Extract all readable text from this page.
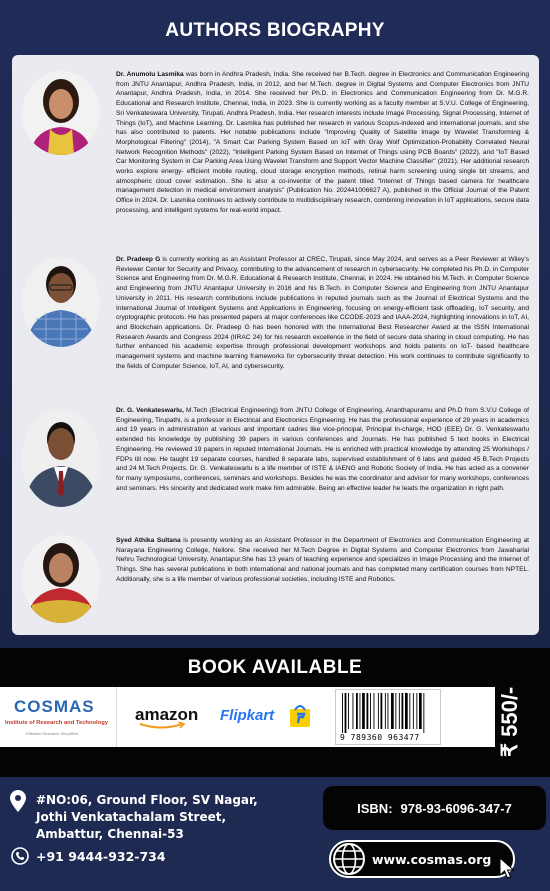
AUTHORS BIOGRAPHY

Dr. Anumolu Lasmika was born in Andhra Pradesh, India. She received her B.Tech. degree in Electronics and Communication Engineering from JNTU Anantapur, Andhra Pradesh, India, in 2012, and her M.Tech. degree in Digital Systems and Computer Electronics from JNTU Anantapur, Andhra Pradesh, India, in 2014. She received her Ph.D. in Electronics and Communication Engineering from Dr. M.G.R. Educational and Research Institute, Chennai, India, in 2023. She is currently working as a faculty member at S.V.U. College of Engineering, Sri Venkateswara University, Tirupati, Andhra Pradesh, India. Her research interests include Image Processing, Signal Processing, Internet of Things (IoT), and Machine Learning. Dr. Lasmika has published her research in various Scopus-indexed and international journals, and she has also contributed to patents. Her notable publications include "Improving Quality of Satellite Image by Wavelet Transforming & Morphological Filtering" (2014), "A Smart Car Parking System Based on IoT with Gray Wolf Optimization-Probability Correlated Neural Network Recognition Methods" (2022), "Intelligent Parking System Based on Internet of Things using PCB Boards" (2022), and "IoT Based Car Monitoring System in Car Parking Area Using Wavelet Transform and Support Vector Machine Classifier" (2021). Her additional research works explore energy- efficient mobile routing, cloud storage encryption methods, retinal harm screening using single bit streams, and atmospheric cloud cover estimation. She is also a co-inventor of the patent titled "Internet of Things based camera for healthcare management detection in medical environment analysis" (Publication No. 202441006627 A), published in the Official Journal of the Patent Office in 2024. Dr. Lasmika continues to actively contribute to multidisciplinary research, combining innovation in IoT applications, secure data processing, and intelligent systems for real-world impact.

Dr. Pradeep G is currently working as an Assistant Professor at CREC, Tirupati, since May 2024, and serves as a Peer Reviewer at Wiley's Reviewer Center for Security and Privacy, contributing to the advancement of research in cybersecurity. He completed his Ph.D. in Computer Science and Engineering from Dr. M.G.R. Educational & Research Institute, Chennai, in 2024. He obtained his M.Tech. in Computer Science and Engineering from JNTU Anantapur University in 2016 and his B.Tech. in Computer Science and Engineering from JNTU Anantapur University in 2011. His research contributions include publications in reputed journals such as the Journal of Electrical Systems and the International Journal of Intelligent Systems and Applications in Engineering, focusing on energy-efficient task offloading, IoT security, and cryptographic protocols. He has presented papers at major conferences like CCODE-2023 and IAAA-2024, highlighting innovations in IoT, AI, and Blockchain applications. Dr. Pradeep G has been honored with the International Best Researcher Award at the ISSN International Research Awards and Congress 2024 (IIRAC 24) for his research excellence in the field of secure data sharing in cloud computing. He has further enhanced his academic expertise through professional development workshops and holds patents on IoT- based healthcare management systems and machine learning frameworks for cybersecurity threat detection. His work continues to contribute significantly to the fields of Computer Science, IoT, AI, and cybersecurity.

Dr. G. Venkateswarlu, M.Tech (Electrical Engineering) from JNTU College of Engineering, Ananthapuramu and Ph.D from S.V.U College of Engineering, Tirupathi, is a professor in Electrical and Electronics Engineering. He has the professional experience of 29 years in academics and 19 years in administration at various and important cadres like vice-principal, Principal In-charge, HOD (EEE) Dr. G. Venkateswarlu extended his knowledge by publishing 39 papers in various conferences and Journals. He has published 5 text books in Electrical Engineering. He reviewed 19 papers in reputed International Journals. He is enriched with practical knowledge by attending 25 Workshops / FDPs till now. He taught 19 separate courses, handled 8 separate labs, supervised establishment of 6 labs and guided 45 B.Tech Projects and 24 M.Tech Projects. Dr. G. Venkateswarlu is a life member of ISTE & IAENG and Robotic Society of India. He has acted as a convener for many symposiums, conferences, seminars and workshops. Besides he was the coordinator and advisor for many workshops, conferences and seminars. His sincerity and dedicated work make him admirable. Being an effective leader he leads the organization in right path.

Syed Athika Sultana is presently working as an Assistant Professor in the Department of Electronics and Communication Engineering at Narayana Engineering College, Nellore. She received her M.Tech Degree in Digital Systems and Computer Electronics from Jawaharlal Nehru Technological University, Anantapur.She has 13 years of teaching experience and specializes in Image Processing and the Internet of Things. She has several publications in both international and national journals and has completed many certification courses from NPTEL. Additionally, she is a life member of various professional societies, including ISTE and Robotics.

BOOK AVAILABLE
COSMAS
Institute of Research and Technology
Effective Research Simplified
amazon Flipkart
9 789360 963477	₹ 550/-
#NO:06, Ground Floor, SV Nagar,
Jothi Venkatachalam Street,
Ambattur, Chennai-53
+91 9444-932-734
ISBN: 978-93-6096-347-7
www.cosmas.org
